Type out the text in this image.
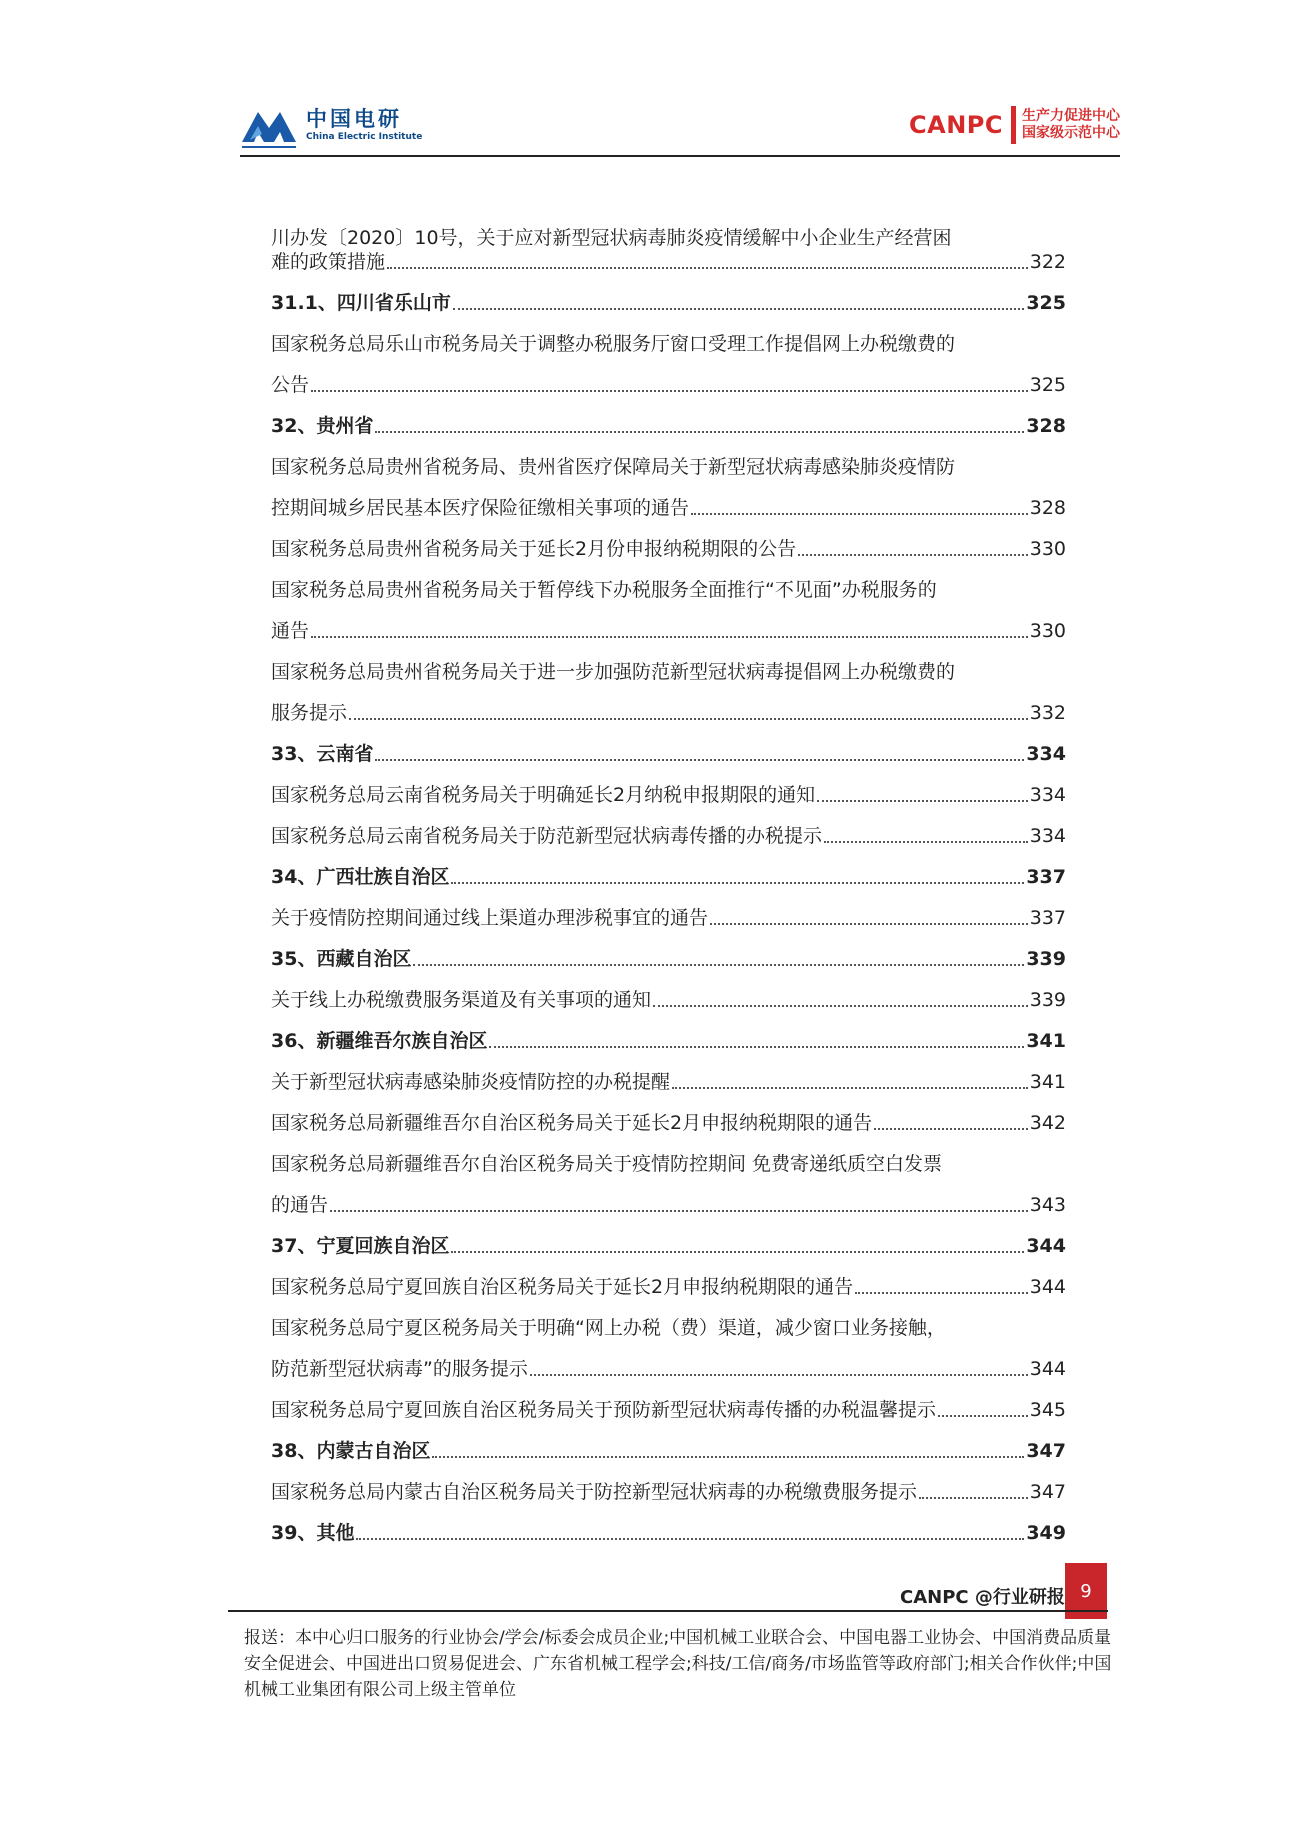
中国电研
China Electric Institute	CANPC 生产力促进中心
国家级示范中心
川办发〔2020〕10号，关于应对新型冠状病毒肺炎疫情缓解中小企业生产经营困
难的政策措施	322
31.1、四川省乐山市	325
国家税务总局乐山市税务局关于调整办税服务厅窗口受理工作提倡网上办税缴费的
公告	325
32、贵州省	328
国家税务总局贵州省税务局、贵州省医疗保障局关于新型冠状病毒感染肺炎疫情防
控期间城乡居民基本医疗保险征缴相关事项的通告	328
国家税务总局贵州省税务局关于延长2月份申报纳税期限的公告	330
国家税务总局贵州省税务局关于暂停线下办税服务全面推行“不见面”办税服务的
通告	330
国家税务总局贵州省税务局关于进一步加强防范新型冠状病毒提倡网上办税缴费的
服务提示	332
33、云南省	334
国家税务总局云南省税务局关于明确延长2月纳税申报期限的通知	334
国家税务总局云南省税务局关于防范新型冠状病毒传播的办税提示	334
34、广西壮族自治区	337
关于疫情防控期间通过线上渠道办理涉税事宜的通告	337
35、西藏自治区	339
关于线上办税缴费服务渠道及有关事项的通知	339
36、新疆维吾尔族自治区	341
关于新型冠状病毒感染肺炎疫情防控的办税提醒	341
国家税务总局新疆维吾尔自治区税务局关于延长2月申报纳税期限的通告	342
国家税务总局新疆维吾尔自治区税务局关于疫情防控期间 免费寄递纸质空白发票
的通告	343
37、宁夏回族自治区	344
国家税务总局宁夏回族自治区税务局关于延长2月申报纳税期限的通告	344
国家税务总局宁夏区税务局关于明确“网上办税（费）渠道，减少窗口业务接触，
防范新型冠状病毒”的服务提示	344
国家税务总局宁夏回族自治区税务局关于预防新型冠状病毒传播的办税温馨提示	345
38、内蒙古自治区	347
国家税务总局内蒙古自治区税务局关于防控新型冠状病毒的办税缴费服务提示	347
39、其他	349
CANPC @行业研报 9
报送：本中心归口服务的行业协会/学会/标委会成员企业;中国机械工业联合会、中国电器工业协会、中国消费品质量安全促进会、中国进出口贸易促进会、广东省机械工程学会;科技/工信/商务/市场监管等政府部门;相关合作伙伴;中国机械工业集团有限公司上级主管单位
